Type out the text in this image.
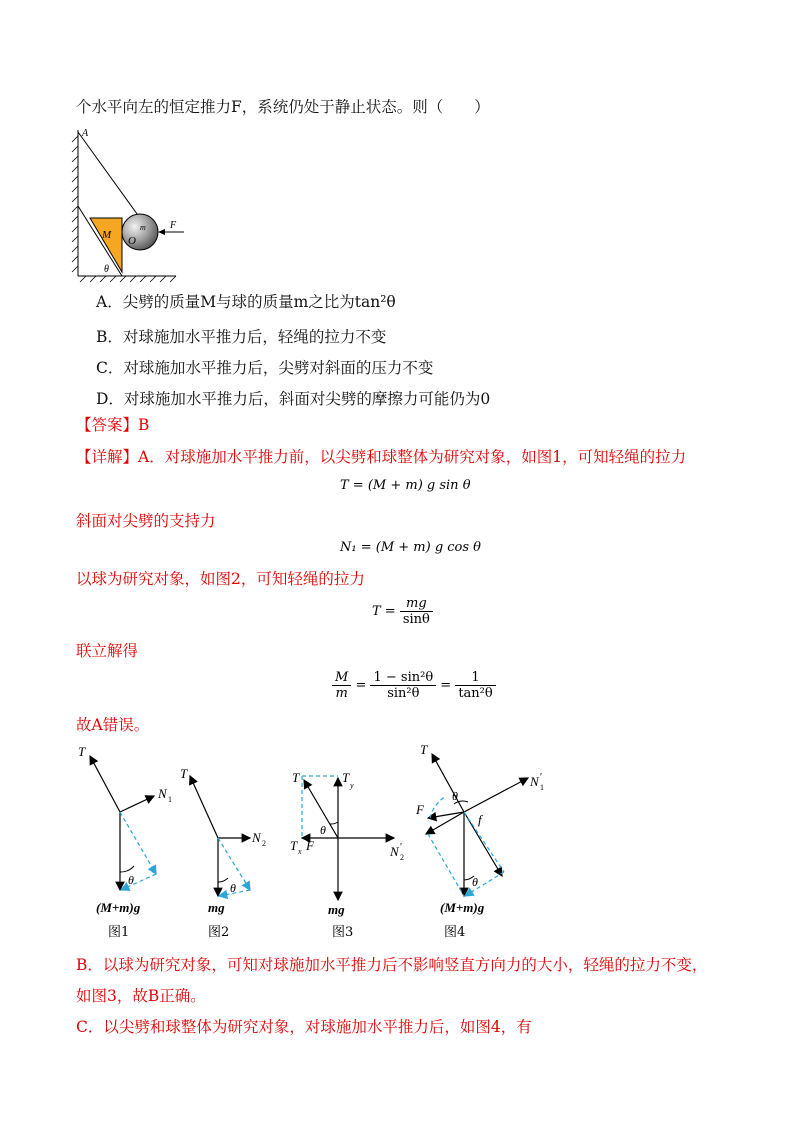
个水平向左的恒定推力F，系统仍处于静止状态。则（　　）
A
M O
m F
θ
A．尖劈的质量M与球的质量m之比为tan²θ
B．对球施加水平推力后，轻绳的拉力不变
C．对球施加水平推力后，尖劈对斜面的压力不变
D．对球施加水平推力后，斜面对尖劈的摩擦力可能仍为0
【答案】B
【详解】A．对球施加水平推力前，以尖劈和球整体为研究对象，如图1，可知轻绳的拉力
T = (M + m) g sin θ
斜面对尖劈的支持力
N₁ = (M + m) g cos θ
以球为研究对象，如图2，可知轻绳的拉力
$T = \frac{mg}{\sin\theta}$
联立解得
$\frac{M}{m} = \frac{\text{1 − sin²θ}}{\text{sin²θ}} = \frac{1}{\text{tan²θ}}$
故A错误。
T
N 1
θ
(M+m)g
图1
T
N 2
θ
mg
图2
T	T
y
T x F	N 2
′
θ
mg
图3
T
N 1
′
F
f
θ
θ
(M+m)g
图4
B．以球为研究对象，可知对球施加水平推力后不影响竖直方向力的大小，轻绳的拉力不变，
如图3，故B正确。
C．以尖劈和球整体为研究对象，对球施加水平推力后，如图4，有
